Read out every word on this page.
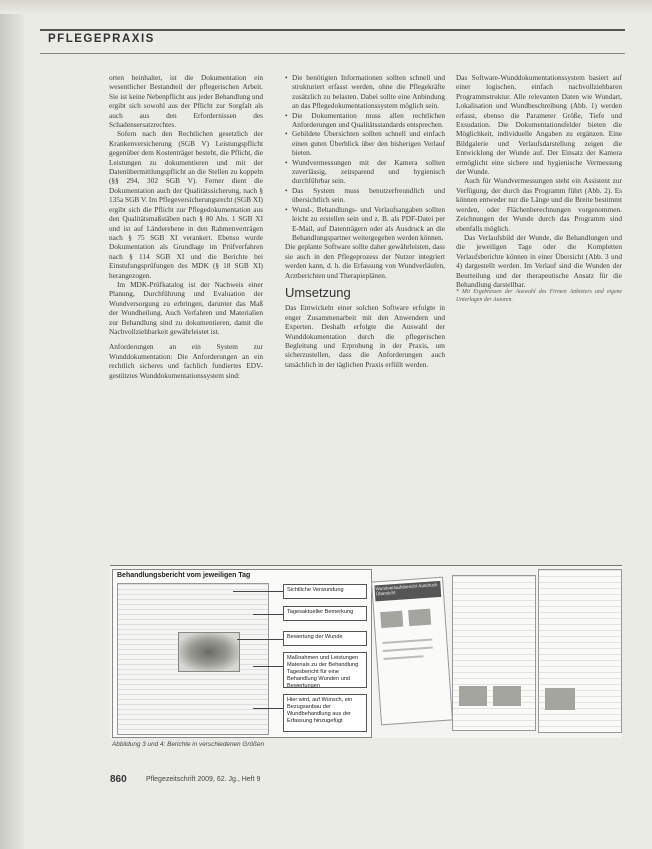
PFLEGEPRAXIS

orten beinhaltet, ist die Dokumentation ein wesentlicher Bestandteil der pflegerischen Arbeit. Sie ist keine Nebenpflicht aus jeder Behandlung und ergibt sich sowohl aus der Pflicht zur Sorgfalt als auch aus den Erfordernissen des Schadensersatzrechtes.

Sofern nach den Rechtlichen gesetzlich der Krankenversicherung (SGB V) Leistungspflicht gegenüber dem Kostenträger besteht, die Pflicht, die Leistungen zu dokumentieren und mit der Datenübermittlungspflicht an die Stellen zu koppeln (§§ 294, 302 SGB V). Ferner dient die Dokumentation auch der Qualitätssicherung, nach § 135a SGB V. Im Pflegeversicherungsrecht (SGB XI) ergibt sich die Pflicht zur Pflegedokumentation aus den Qualitätsmaßstäben nach § 80 Abs. 1 SGB XI und ist auf Länderebene in den Rahmenverträgen nach § 75 SGB XI verankert. Ebenso wurde Dokumentation als Grundlage im Prüfverfahren nach § 114 SGB XI und die Berichte bei Einstufungsprüfungen des MDK (§ 18 SGB XI) herangezogen.

Im MDK-Prüfkatalog ist der Nachweis einer Planung, Durchführung und Evaluation der Wundversorgung zu erbringen, darunter das Maß der Wundheilung. Auch Verfahren und Materialien zur Behandlung sind zu dokumentieren, damit die Nachvollziehbarkeit gewährleistet ist.

Anforderungen an ein System zur Wunddokumentation: Die Anforderungen an ein rechtlich sicheres und fachlich fundiertes EDV-gestütztes Wunddokumentationssystem sind:

• Die benötigten Informationen sollten schnell und strukturiert erfasst werden, ohne die Pflegekräfte zusätzlich zu belasten. Dabei sollte eine Anbindung an das Pflegedokumentationssystem möglich sein.

• Die Dokumentation muss allen rechtlichen Anforderungen und Qualitätsstandards entsprechen.

• Gebildete Übersichten sollten schnell und einfach einen guten Überblick über den bisherigen Verlauf bieten.

• Wundvermessungen mit der Kamera sollten zuverlässig, zeitsparend und hygienisch durchführbar sein.

• Das System muss benutzerfreundlich und übersichtlich sein.

• Wund-, Behandlungs- und Verlaufsangaben sollten leicht zu erstellen sein und z. B. als PDF-Datei per E-Mail, auf Datenträgern oder als Ausdruck an die Behandlungspartner weitergegeben werden können.

Die geplante Software sollte daher gewährleisten, dass sie auch in den Pflegeprozess der Nutzer integriert werden kann, d. h. die Erfassung von Wundverläufen, Arztberichten und Therapieplänen.

Umsetzung

Das Entwickeln einer solchen Software erfolgte in enger Zusammenarbeit mit den Anwendern und Experten. Deshalb erfolgte die Auswahl der Wunddokumentation durch die pflegerischen Begleitung und Erprobung in der Praxis, um sicherzustellen, dass die Anforderungen auch tatsächlich in der täglichen Praxis erfüllt werden.

Das Software-Wunddokumentationssystem basiert auf einer logischen, einfach nachvollziehbaren Programmstruktur. Alle relevanten Daten wie Wundart, Lokalisation und Wundbeschreibung (Abb. 1) werden erfasst, ebenso die Parameter Größe, Tiefe und Exsudation. Die Dokumentationsfelder bieten die Möglichkeit, individuelle Angaben zu ergänzen. Eine Bildgalerie und Verlaufsdarstellung zeigen die Entwicklung der Wunde auf. Der Einsatz der Kamera ermöglicht eine sichere und hygienische Vermessung der Wunde.

Auch für Wundvermessungen steht ein Assistent zur Verfügung, der durch das Programm führt (Abb. 2). Es können entweder nur die Länge und die Breite bestimmt werden, oder Flächenberechnungen vorgenommen. Zeichnungen der Wunde durch das Programm sind ebenfalls möglich.

Das Verlaufsbild der Wunde, die Behandlungen und die jeweiligen Tage oder die Kompletten Verlaufsberichte können in einer Übersicht (Abb. 3 und 4) dargestellt werden. Im Verlauf sind die Wunden der Beurteilung und der therapeutische Ansatz für die Behandlung darstellbar.

* Mit Ergebnissen der Auswahl des Firmen Anbieters und eigene Unterlagen der Autoren.

Behandlungsbericht vom jeweiligen Tag
Sichtliche Verwundung
Tagesaktueller Bemerkung
Bewertung der Wunde
Maßnahmen und Leistungen Materials zu der Behandlung Tagesbericht für eine Behandlung Wunden und Bewertungen
Hier wird, auf Wunsch, ein Bezugsanbau der Wundbehandlung aus der Erfassung hinzugefügt
Wundverlaufsbericht Ausdruck Übersicht
Abbildung 3 und 4: Berichte in verschiedenen Größen
860	Pflegezeitschrift 2009, 62. Jg., Heft 9
